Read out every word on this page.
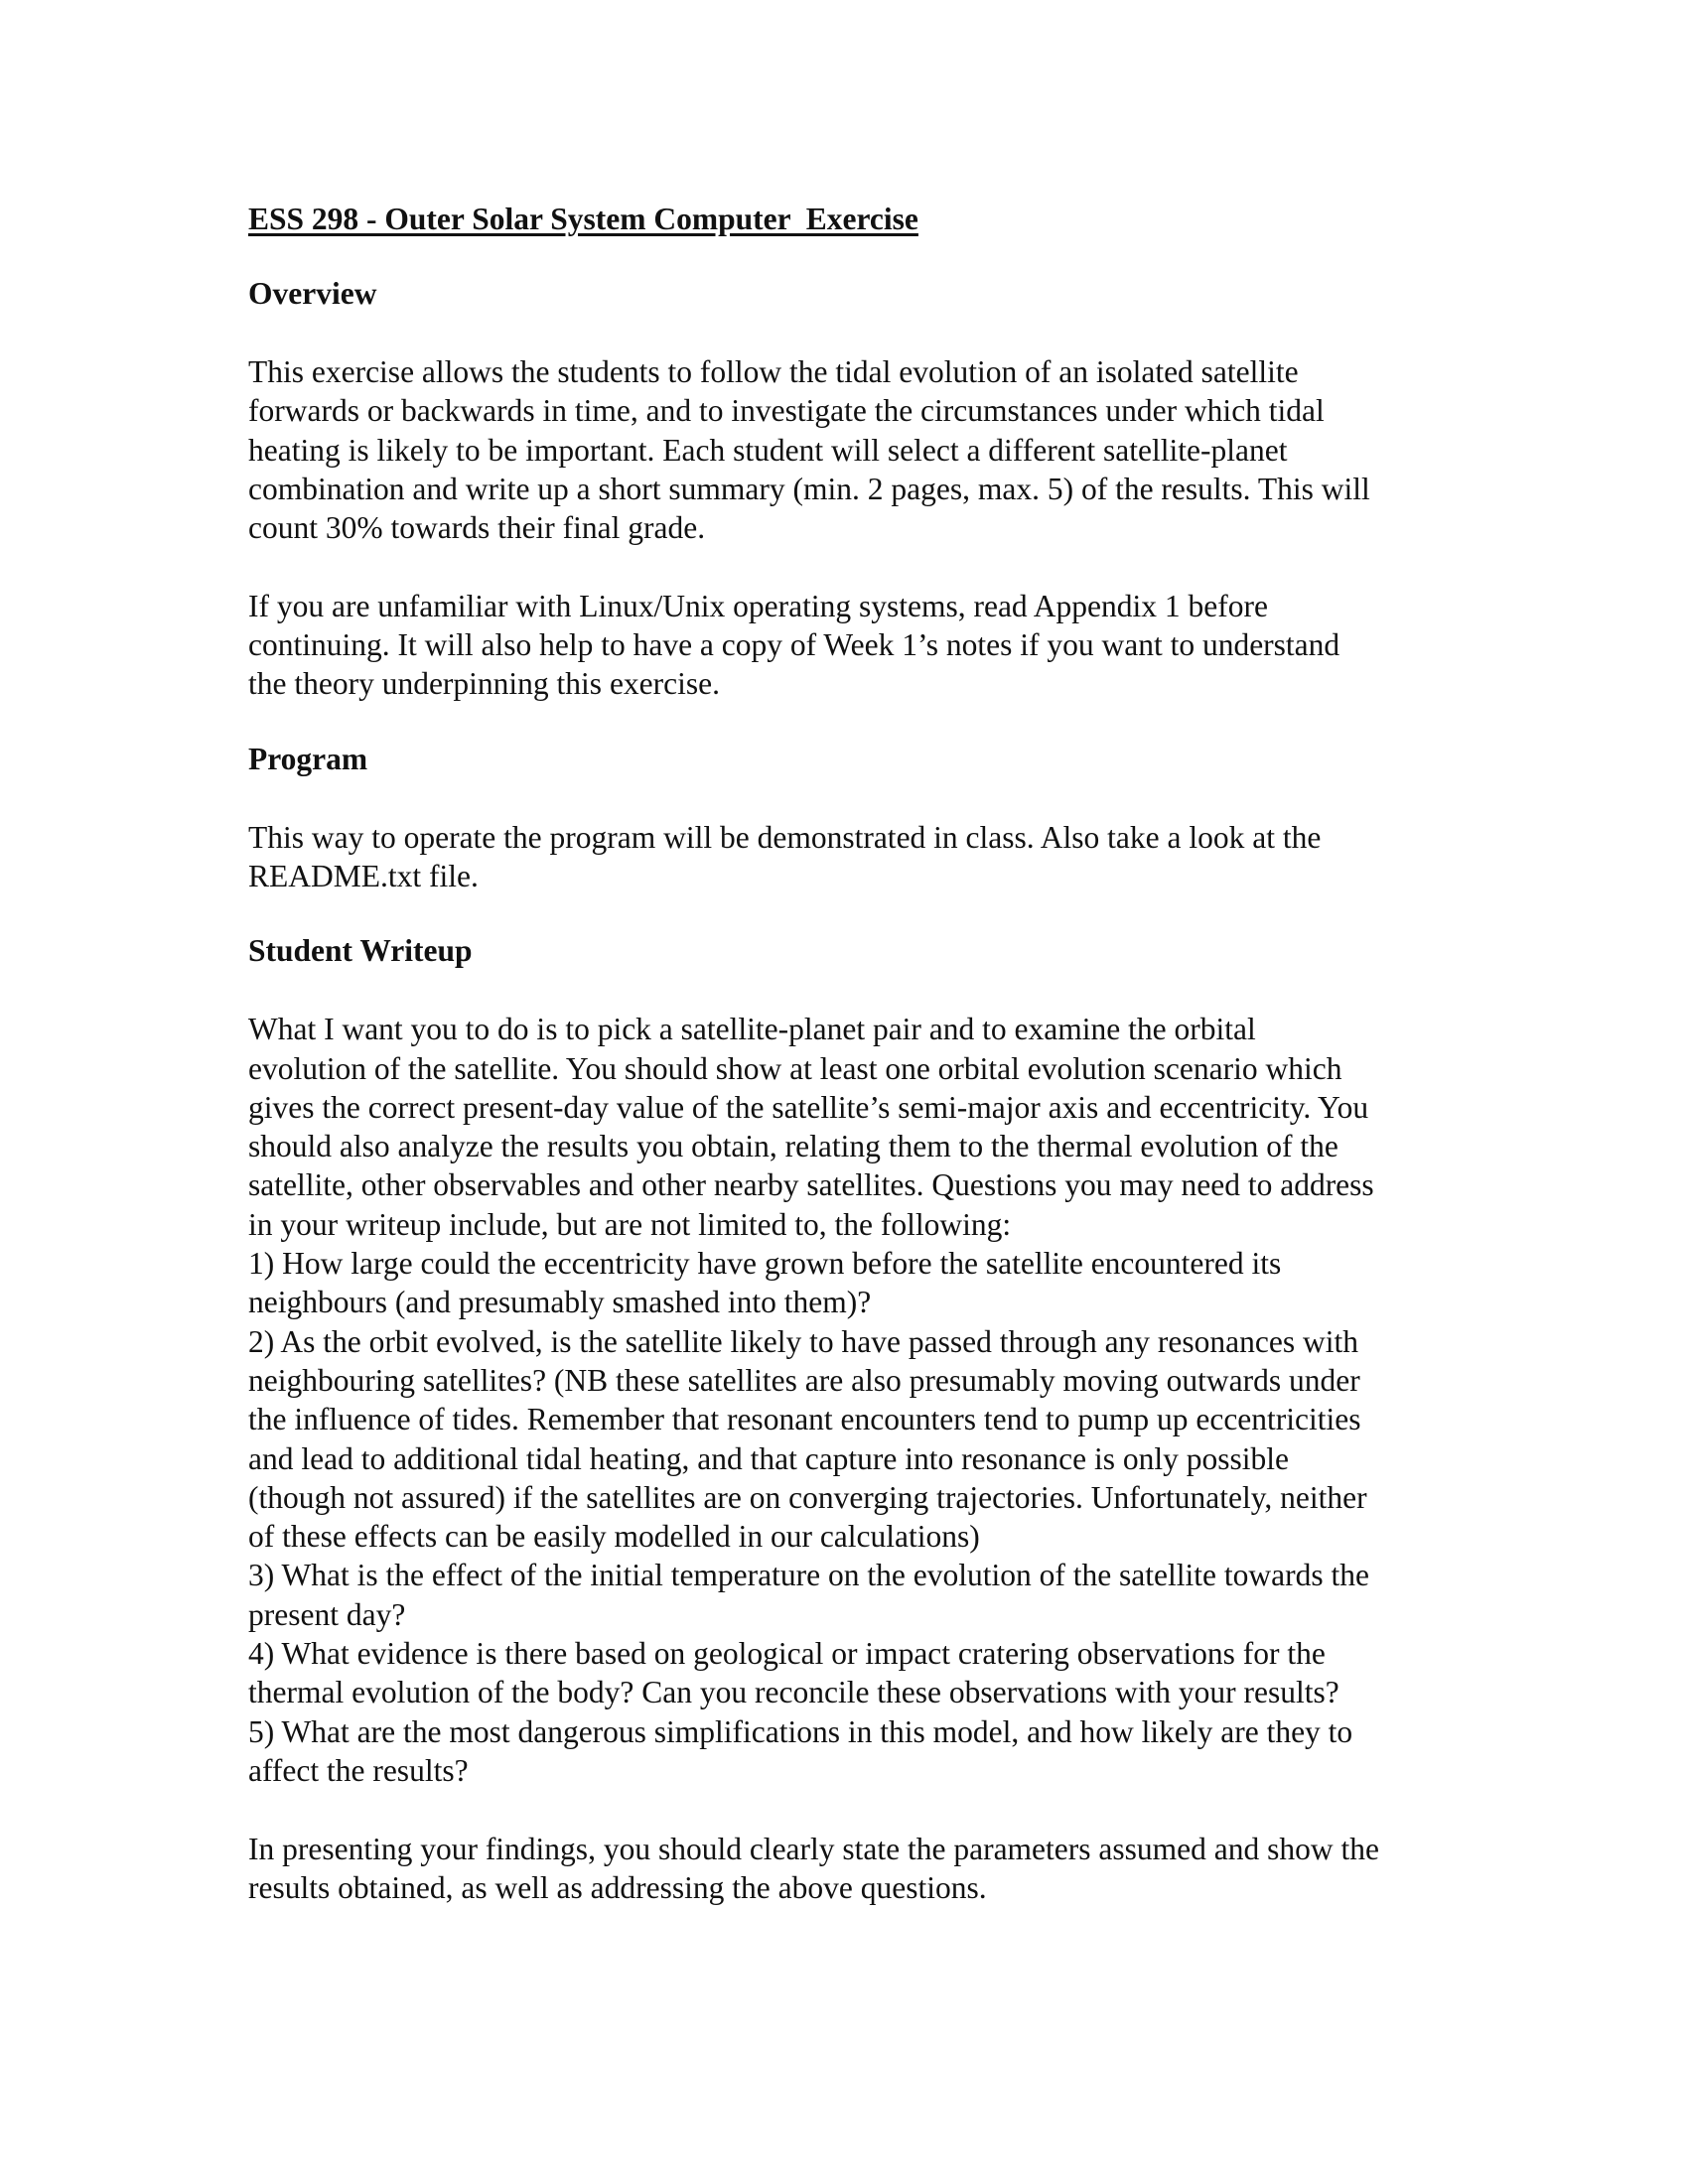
ESS 298 - Outer Solar System Computer  Exercise
Overview
This exercise allows the students to follow the tidal evolution of an isolated satellite
forwards or backwards in time, and to investigate the circumstances under which tidal
heating is likely to be important. Each student will select a different satellite-planet
combination and write up a short summary (min. 2 pages, max. 5) of the results. This will
count 30% towards their final grade.
If you are unfamiliar with Linux/Unix operating systems, read Appendix 1 before
continuing. It will also help to have a copy of Week 1’s notes if you want to understand
the theory underpinning this exercise.
Program
This way to operate the program will be demonstrated in class. Also take a look at the
README.txt file.
Student Writeup
What I want you to do is to pick a satellite-planet pair and to examine the orbital
evolution of the satellite. You should show at least one orbital evolution scenario which
gives the correct present-day value of the satellite’s semi-major axis and eccentricity. You
should also analyze the results you obtain, relating them to the thermal evolution of the
satellite, other observables and other nearby satellites. Questions you may need to address
in your writeup include, but are not limited to, the following:
1) How large could the eccentricity have grown before the satellite encountered its
neighbours (and presumably smashed into them)?
2) As the orbit evolved, is the satellite likely to have passed through any resonances with
neighbouring satellites? (NB these satellites are also presumably moving outwards under
the influence of tides. Remember that resonant encounters tend to pump up eccentricities
and lead to additional tidal heating, and that capture into resonance is only possible
(though not assured) if the satellites are on converging trajectories. Unfortunately, neither
of these effects can be easily modelled in our calculations)
3) What is the effect of the initial temperature on the evolution of the satellite towards the
present day?
4) What evidence is there based on geological or impact cratering observations for the
thermal evolution of the body? Can you reconcile these observations with your results?
5) What are the most dangerous simplifications in this model, and how likely are they to
affect the results?
In presenting your findings, you should clearly state the parameters assumed and show the
results obtained, as well as addressing the above questions.
